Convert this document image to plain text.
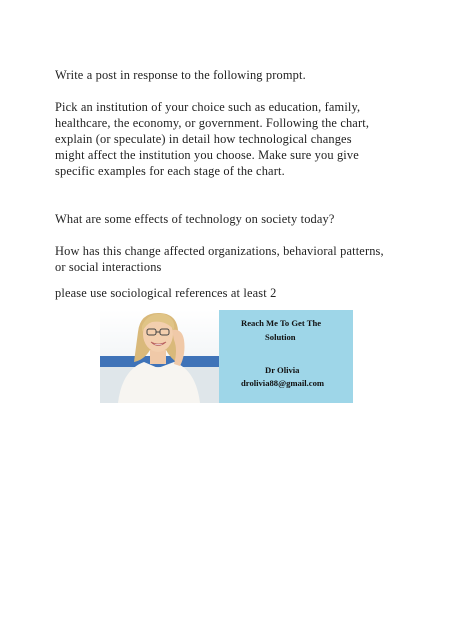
Write a post in response to the following prompt.

Pick an institution of your choice such as education, family,
healthcare, the economy, or government. Following the chart,
explain (or speculate) in detail how technological changes
might affect the institution you choose. Make sure you give
specific examples for each stage of the chart.

What are some effects of technology on society today?

How has this change affected organizations, behavioral patterns,
or social interactions

please use sociological references at least 2

Reach Me To Get The
Solution
Dr Olivia
drolivia88@gmail.com
